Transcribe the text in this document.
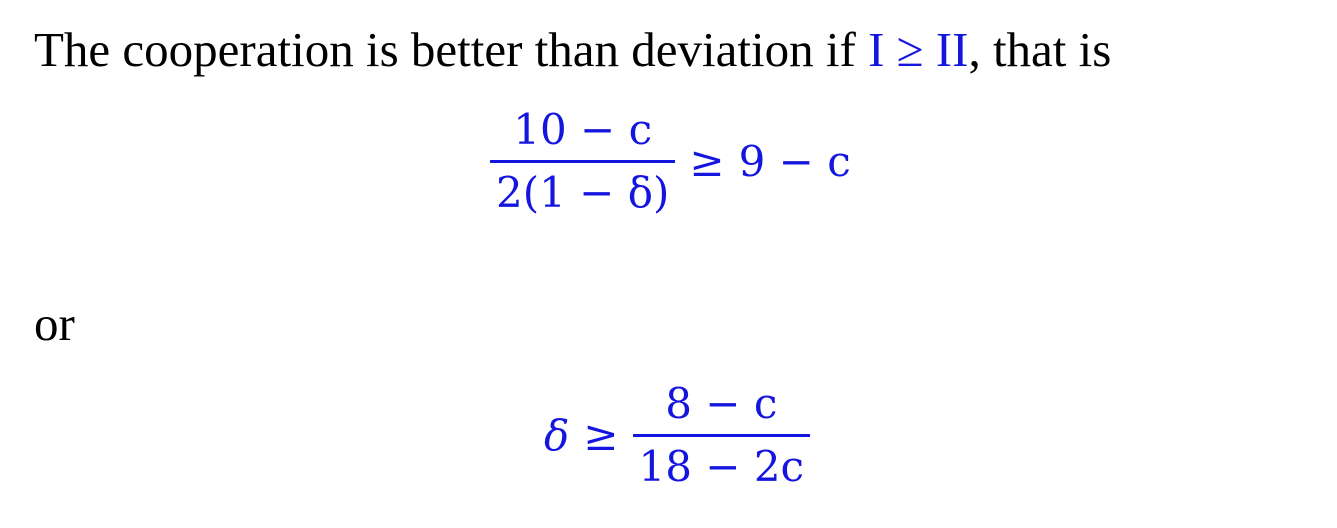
The cooperation is better than deviation if I ≥ II, that is
$\frac{10 - c}{2(1 - \delta)} \ge 9 - c$
or
$\delta \ge \frac{8 - c}{18 - 2c}$
